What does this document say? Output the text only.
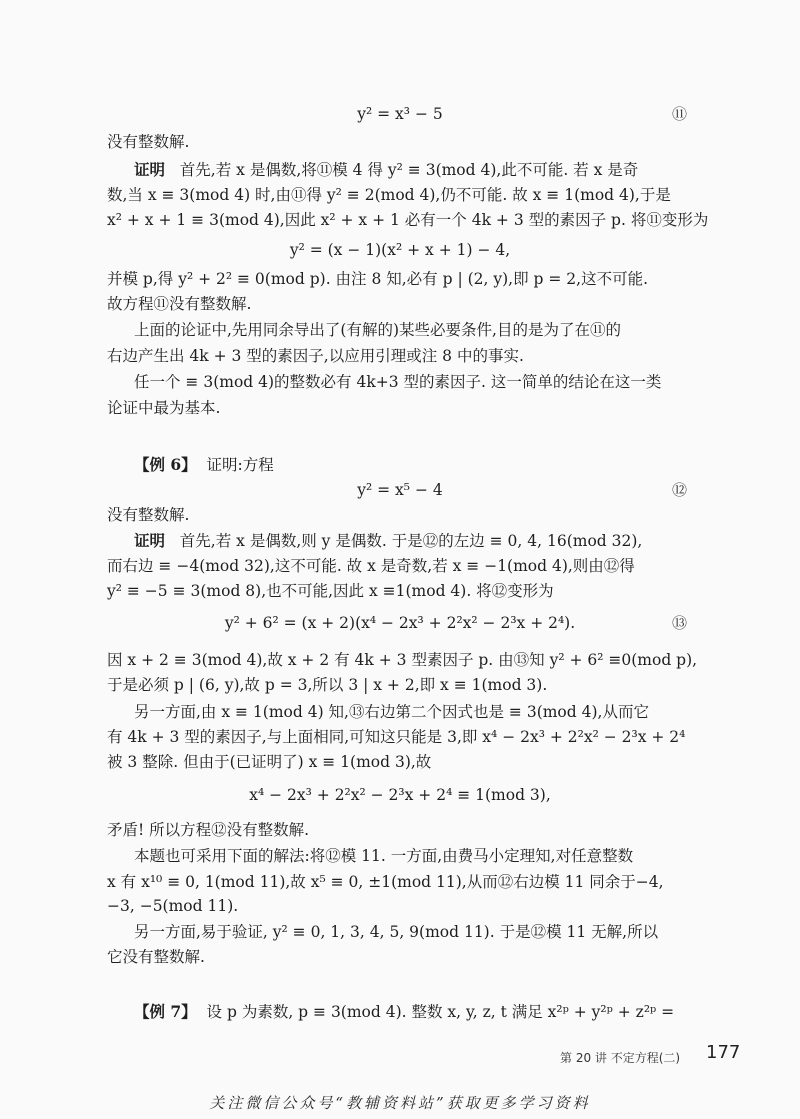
y² = x³ − 5	⑪
没有整数解.
证明 首先,若 x 是偶数,将⑪模 4 得 y² ≡ 3(mod 4),此不可能. 若 x 是奇
数,当 x ≡ 3(mod 4) 时,由⑪得 y² ≡ 2(mod 4),仍不可能. 故 x ≡ 1(mod 4),于是
x² + x + 1 ≡ 3(mod 4),因此 x² + x + 1 必有一个 4k + 3 型的素因子 p. 将⑪变形为
y² = (x − 1)(x² + x + 1) − 4,
并模 p,得 y² + 2² ≡ 0(mod p). 由注 8 知,必有 p | (2, y),即 p = 2,这不可能.
故方程⑪没有整数解.
上面的论证中,先用同余导出了(有解的)某些必要条件,目的是为了在⑪的
右边产生出 4k + 3 型的素因子,以应用引理或注 8 中的事实.
任一个 ≡ 3(mod 4)的整数必有 4k+3 型的素因子. 这一简单的结论在这一类
论证中最为基本.
【例 6】 证明:方程
y² = x⁵ − 4	⑫
没有整数解.
证明 首先,若 x 是偶数,则 y 是偶数. 于是⑫的左边 ≡ 0, 4, 16(mod 32),
而右边 ≡ −4(mod 32),这不可能. 故 x 是奇数,若 x ≡ −1(mod 4),则由⑫得
y² ≡ −5 ≡ 3(mod 8),也不可能,因此 x ≡1(mod 4). 将⑫变形为
y² + 6² = (x + 2)(x⁴ − 2x³ + 2²x² − 2³x + 2⁴).	⑬
因 x + 2 ≡ 3(mod 4),故 x + 2 有 4k + 3 型素因子 p. 由⑬知 y² + 6² ≡0(mod p),
于是必须 p | (6, y),故 p = 3,所以 3 | x + 2,即 x ≡ 1(mod 3).
另一方面,由 x ≡ 1(mod 4) 知,⑬右边第二个因式也是 ≡ 3(mod 4),从而它
有 4k + 3 型的素因子,与上面相同,可知这只能是 3,即 x⁴ − 2x³ + 2²x² − 2³x + 2⁴
被 3 整除. 但由于(已证明了) x ≡ 1(mod 3),故
x⁴ − 2x³ + 2²x² − 2³x + 2⁴ ≡ 1(mod 3),
矛盾! 所以方程⑫没有整数解.
本题也可采用下面的解法:将⑫模 11. 一方面,由费马小定理知,对任意整数
x 有 x¹⁰ ≡ 0, 1(mod 11),故 x⁵ ≡ 0, ±1(mod 11),从而⑫右边模 11 同余于−4,
−3, −5(mod 11).
另一方面,易于验证, y² ≡ 0, 1, 3, 4, 5, 9(mod 11). 于是⑫模 11 无解,所以
它没有整数解.
【例 7】 设 p 为素数, p ≡ 3(mod 4). 整数 x, y, z, t 满足 x²ᵖ + y²ᵖ + z²ᵖ =
第 20 讲 不定方程(二) 177
关注微信公众号“教辅资料站”获取更多学习资料
